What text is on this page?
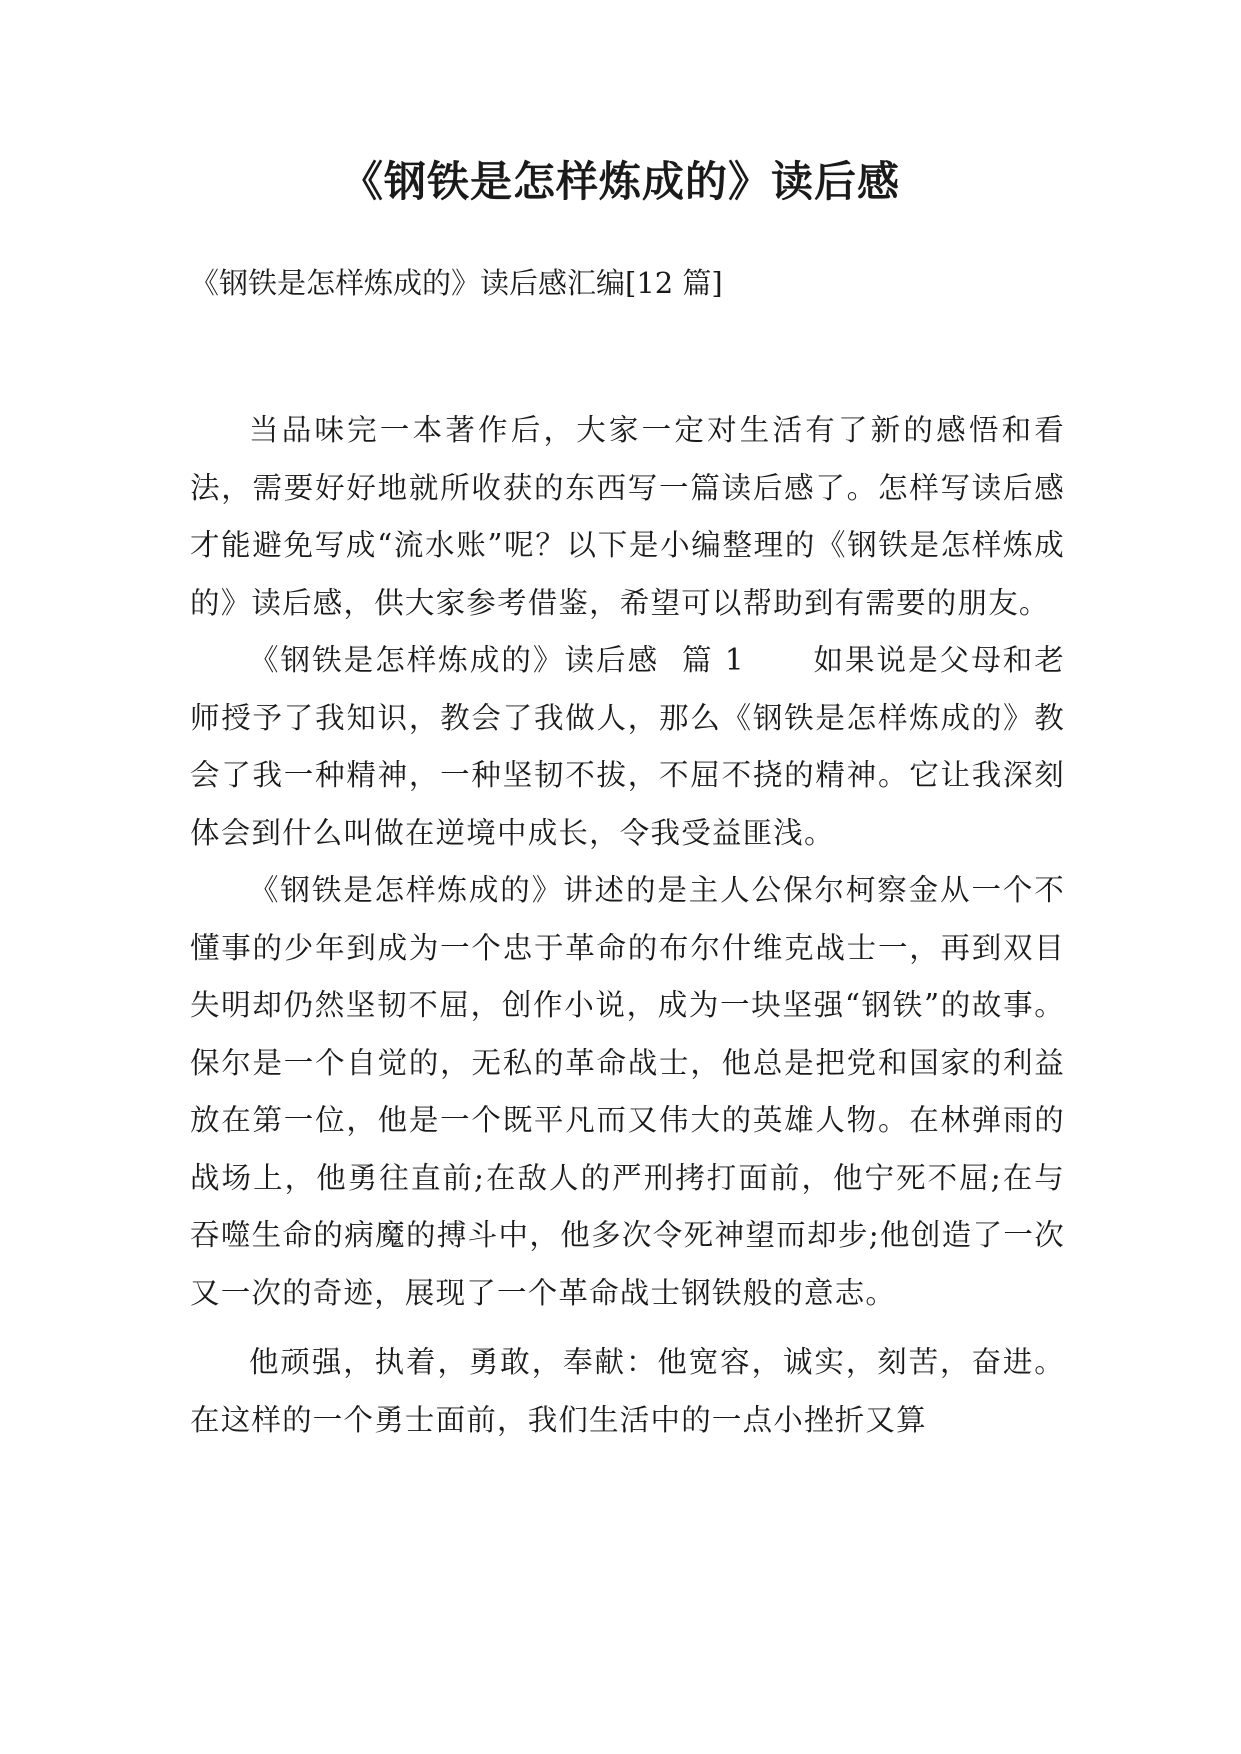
《钢铁是怎样炼成的》读后感
《钢铁是怎样炼成的》读后感汇编[12 篇]

当品味完一本著作后，大家一定对生活有了新的感悟和看法，需要好好地就所收获的东西写一篇读后感了。怎样写读后感才能避免写成“流水账”呢？以下是小编整理的《钢铁是怎样炼成的》读后感，供大家参考借鉴，希望可以帮助到有需要的朋友。

《钢铁是怎样炼成的》读后感  篇 1      如果说是父母和老师授予了我知识，教会了我做人，那么《钢铁是怎样炼成的》教会了我一种精神，一种坚韧不拔，不屈不挠的精神。它让我深刻体会到什么叫做在逆境中成长，令我受益匪浅。

《钢铁是怎样炼成的》讲述的是主人公保尔柯察金从一个不懂事的少年到成为一个忠于革命的布尔什维克战士一，再到双目失明却仍然坚韧不屈，创作小说，成为一块坚强“钢铁”的故事。保尔是一个自觉的，无私的革命战士，他总是把党和国家的利益放在第一位，他是一个既平凡而又伟大的英雄人物。在林弹雨的战场上，他勇往直前;在敌人的严刑拷打面前，他宁死不屈;在与吞噬生命的病魔的搏斗中，他多次令死神望而却步;他创造了一次又一次的奇迹，展现了一个革命战士钢铁般的意志。

他顽强，执着，勇敢，奉献：他宽容，诚实，刻苦，奋进。在这样的一个勇士面前，我们生活中的一点小挫折又算
